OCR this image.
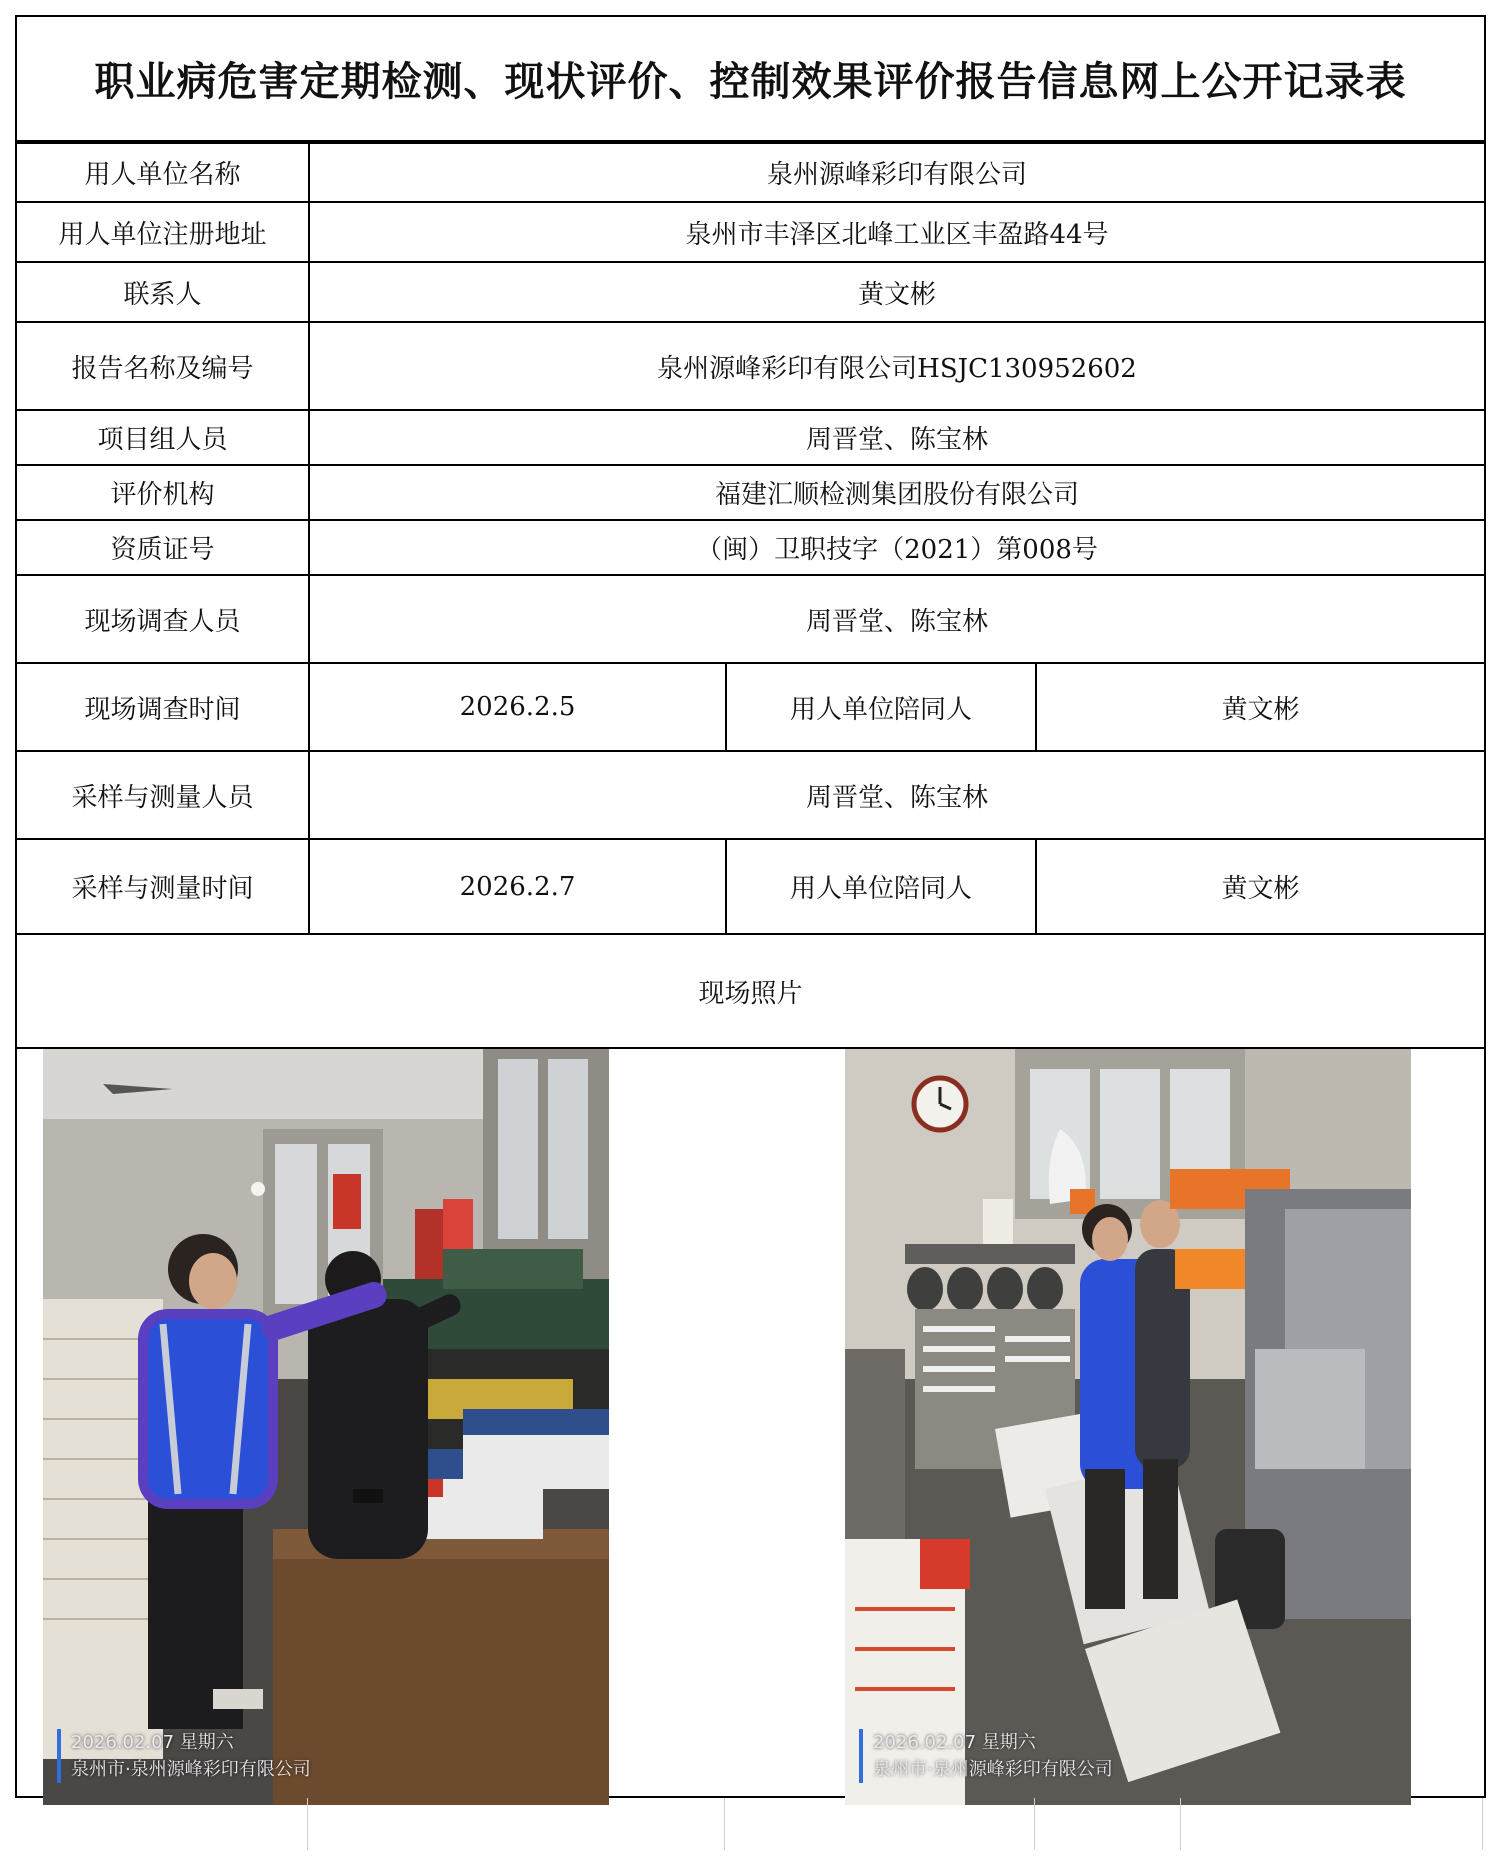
职业病危害定期检测、现状评价、控制效果评价报告信息网上公开记录表
用人单位名称	泉州源峰彩印有限公司		
用人单位注册地址	泉州市丰泽区北峰工业区丰盈路44号		
联系人	黄文彬		
报告名称及编号	泉州源峰彩印有限公司HSJC130952602		
项目组人员	周晋堂、陈宝林		
评价机构	福建汇顺检测集团股份有限公司		
资质证号	（闽）卫职技字（2021）第008号		
现场调查人员	周晋堂、陈宝林		
现场调查时间	2026.2.5	用人单位陪同人	黄文彬
采样与测量人员	周晋堂、陈宝林		
采样与测量时间	2026.2.7	用人单位陪同人	黄文彬
现场照片			
2026.02.07 星期六
泉州市·泉州源峰彩印有限公司
2026.02.07 星期六
泉州市·泉州源峰彩印有限公司
